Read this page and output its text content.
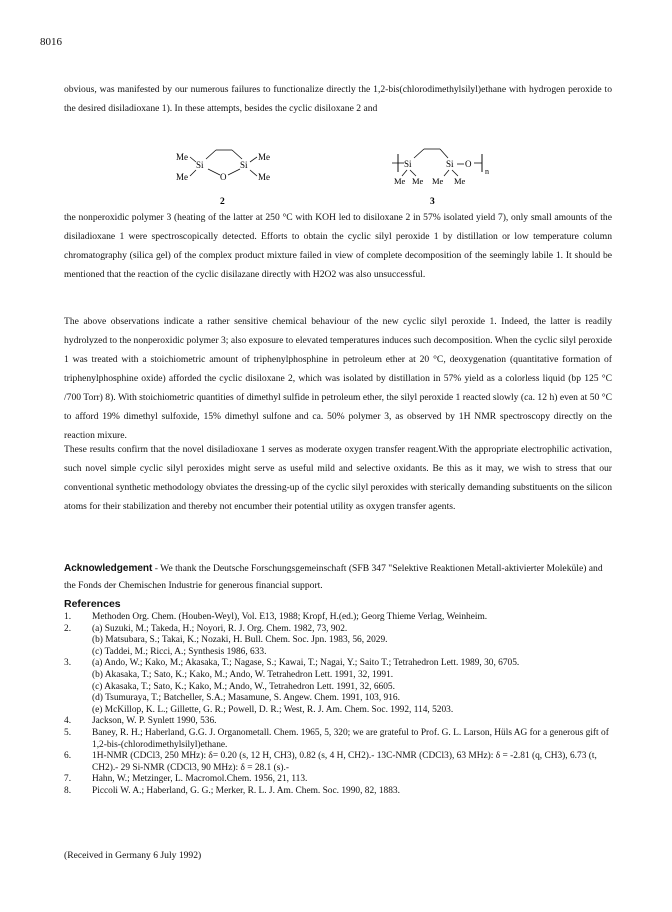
8016
obvious, was manifested by our numerous failures to functionalize directly the 1,2-bis(chlorodimethylsilyl)ethane with hydrogen peroxide to the desired disiladioxane 1). In these attempts, besides the cyclic disiloxane 2 and
Me
Si	Si
Me
Me	O	Me
2
Si	Si O
n
Me Me Me Me
3
the nonperoxidic polymer 3 (heating of the latter at 250 °C with KOH led to disiloxane 2 in 57% isolated yield 7), only small amounts of the disiladioxane 1 were spectroscopically detected. Efforts to obtain the cyclic silyl peroxide 1 by distillation or low temperature column chromatography (silica gel) of the complex product mixture failed in view of complete decomposition of the seemingly labile 1. It should be mentioned that the reaction of the cyclic disilazane directly with H2O2 was also unsuccessful.
The above observations indicate a rather sensitive chemical behaviour of the new cyclic silyl peroxide 1. Indeed, the latter is readily hydrolyzed to the nonperoxidic polymer 3; also exposure to elevated temperatures induces such decomposition. When the cyclic silyl peroxide 1 was treated with a stoichiometric amount of triphenylphosphine in petroleum ether at 20 °C, deoxygenation (quantitative formation of triphenylphosphine oxide) afforded the cyclic disiloxane 2, which was isolated by distillation in 57% yield as a colorless liquid (bp 125 °C /700 Torr) 8). With stoichiometric quantities of dimethyl sulfide in petroleum ether, the silyl peroxide 1 reacted slowly (ca. 12 h) even at 50 °C to afford 19% dimethyl sulfoxide, 15% dimethyl sulfone and ca. 50% polymer 3, as observed by 1H NMR spectroscopy directly on the reaction mixure.
These results confirm that the novel disiladioxane 1 serves as moderate oxygen transfer reagent.With the appropriate electrophilic activation, such novel simple cyclic silyl peroxides might serve as useful mild and selective oxidants. Be this as it may, we wish to stress that our conventional synthetic methodology obviates the dressing-up of the cyclic silyl peroxides with sterically demanding substituents on the silicon atoms for their stabilization and thereby not encumber their potential utility as oxygen transfer agents.
Acknowledgement - We thank the Deutsche Forschungsgemeinschaft (SFB 347 "Selektive Reaktionen Metall-aktivierter Moleküle) and the Fonds der Chemischen Industrie for generous financial support.
References
1.	Methoden Org. Chem. (Houben-Weyl), Vol. E13, 1988; Kropf, H.(ed.); Georg Thieme Verlag, Weinheim.
2.	(a) Suzuki, M.; Takeda, H.; Noyori, R. J. Org. Chem. 1982, 73, 902.
(b) Matsubara, S.; Takai, K.; Nozaki, H. Bull. Chem. Soc. Jpn. 1983, 56, 2029.
(c) Taddei, M.; Ricci, A.; Synthesis 1986, 633.
3.	(a) Ando, W.; Kako, M.; Akasaka, T.; Nagase, S.; Kawai, T.; Nagai, Y.; Saito T.; Tetrahedron Lett. 1989, 30, 6705.
(b) Akasaka, T.; Sato, K.; Kako, M.; Ando, W. Tetrahedron Lett. 1991, 32, 1991.
(c) Akasaka, T.; Sato, K.; Kako, M.; Ando, W., Tetrahedron Lett. 1991, 32, 6605.
(d) Tsumuraya, T.; Batcheller, S.A.; Masamune, S. Angew. Chem. 1991, 103, 916.
(e) McKillop, K. L.; Gillette, G. R.; Powell, D. R.; West, R. J. Am. Chem. Soc. 1992, 114, 5203.
4.	Jackson, W. P. Synlett 1990, 536.
5.	Baney, R. H.; Haberland, G.G. J. Organometall. Chem. 1965, 5, 320; we are grateful to Prof. G. L. Larson, Hüls AG for a generous gift of 1,2-bis-(chlorodimethylsilyl)ethane.
6.	1H-NMR (CDCl3, 250 MHz): δ= 0.20 (s, 12 H, CH3), 0.82 (s, 4 H, CH2).- 13C-NMR (CDCl3), 63 MHz): δ = -2.81 (q, CH3), 6.73 (t, CH2).- 29 Si-NMR (CDCl3, 90 MHz): δ = 28.1 (s).-
7.	Hahn, W.; Metzinger, L. Macromol.Chem. 1956, 21, 113.
8.	Piccoli W. A.; Haberland, G. G.; Merker, R. L. J. Am. Chem. Soc. 1990, 82, 1883.
(Received in Germany 6 July 1992)
